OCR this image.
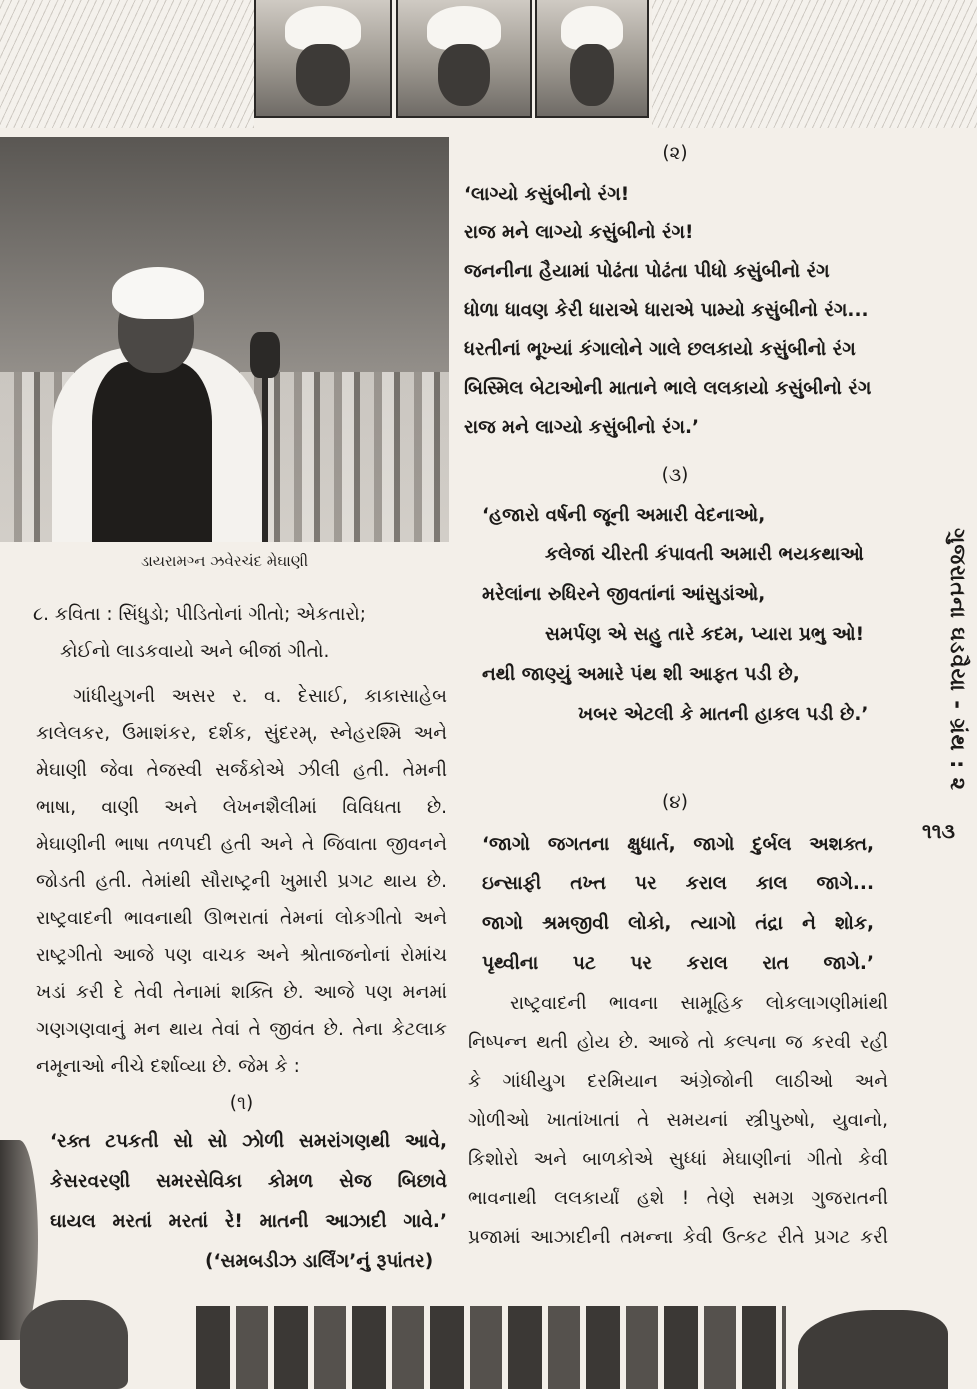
ડાયરામગ્ન ઝવેરચંદ મેઘાણી
૮. કવિતા : સિંધુડો; પીડિતોનાં ગીતો; એકતારો;
કોઈનો લાડકવાયો અને બીજાં ગીતો.
ગાંધીયુગની અસર ર. વ. દેસાઈ, કાકાસાહેબ
કાલેલકર, ઉમાશંકર, દર્શક, સુંદરમ્, સ્નેહરશ્મિ અને
મેઘાણી જેવા તેજસ્વી સર્જકોએ ઝીલી હતી. તેમની
ભાષા, વાણી અને લેખનશૈલીમાં વિવિધતા છે.
મેઘાણીની ભાષા તળપદી હતી અને તે જિવાતા જીવનને
જોડતી હતી. તેમાંથી સૌરાષ્ટ્રની ખુમારી પ્રગટ થાય છે.
રાષ્ટ્રવાદની ભાવનાથી ઊભરાતાં તેમનાં લોકગીતો અને
રાષ્ટ્રગીતો આજે પણ વાચક અને શ્રોતાજનોનાં રોમાંચ
ખડાં કરી દે તેવી તેનામાં શક્તિ છે. આજે પણ મનમાં
ગણગણવાનું મન થાય તેવાં તે જીવંત છે. તેના કેટલાક
નમૂનાઓ નીચે દર્શાવ્યા છે. જેમ કે :
(૧)
‘રક્ત ટપકતી સો સો ઝોળી સમરાંગણથી આવે,
કેસરવરણી સમરસેવિકા કોમળ સેજ બિછાવે
ઘાયલ મરતાં મરતાં રે! માતની આઝાદી ગાવે.’
(‘સમબડીઝ ડાર્લિંગ’નું રૂપાંતર)
(૨)
‘લાગ્યો કસુંબીનો રંગ!
રાજ મને લાગ્યો કસુંબીનો રંગ!
જનનીના હૈયામાં પોઢંતા પોઢંતા પીધો કસુંબીનો રંગ
ધોળા ધાવણ કેરી ધારાએ ધારાએ પામ્યો કસુંબીનો રંગ...
ધરતીનાં ભૂખ્યાં કંગાલોને ગાલે છલકાયો કસુંબીનો રંગ
બિસ્મિલ બેટાઓની માતાને ભાલે લલકાયો કસુંબીનો રંગ
રાજ મને લાગ્યો કસુંબીનો રંગ.’
(૩)
‘હજારો વર્ષની જૂની અમારી વેદનાઓ,
કલેજાં ચીરતી કંપાવતી અમારી ભયકથાઓ
મરેલાંના રુધિરને જીવતાંનાં આંસુડાંઓ,
સમર્પણ એ સહુ તારે કદમ, પ્યારા પ્રભુ ઓ!
નથી જાણ્યું અમારે પંથ શી આફત પડી છે,
ખબર એટલી કે માતની હાકલ પડી છે.’
(૪)
‘જાગો જગતના ક્ષુધાર્ત, જાગો દુર્બલ અશક્ત,
ઇન્સાફી તખ્ત પર કરાલ કાલ જાગે...
જાગો શ્રમજીવી લોકો, ત્યાગો તંદ્રા ને શોક,
પૃથ્વીના પટ પર કરાલ રાત જાગે.’
રાષ્ટ્રવાદની ભાવના સામૂહિક લોકલાગણીમાંથી
નિષ્પન્ન થતી હોય છે. આજે તો કલ્પના જ કરવી રહી
કે ગાંધીયુગ દરમિયાન અંગ્રેજોની લાઠીઓ અને
ગોળીઓ ખાતાંખાતાં તે સમયનાં સ્ત્રીપુરુષો, યુવાનો,
કિશોરો અને બાળકોએ સુધ્ધાં મેઘાણીનાં ગીતો કેવી
ભાવનાથી લલકાર્યાં હશે ! તેણે સમગ્ર ગુજરાતની
પ્રજામાં આઝાદીની તમન્ના કેવી ઉત્કટ રીતે પ્રગટ કરી
ગુજરાતના ઘડવૈયા - ગ્રંથ : ૨
૧૧૩
